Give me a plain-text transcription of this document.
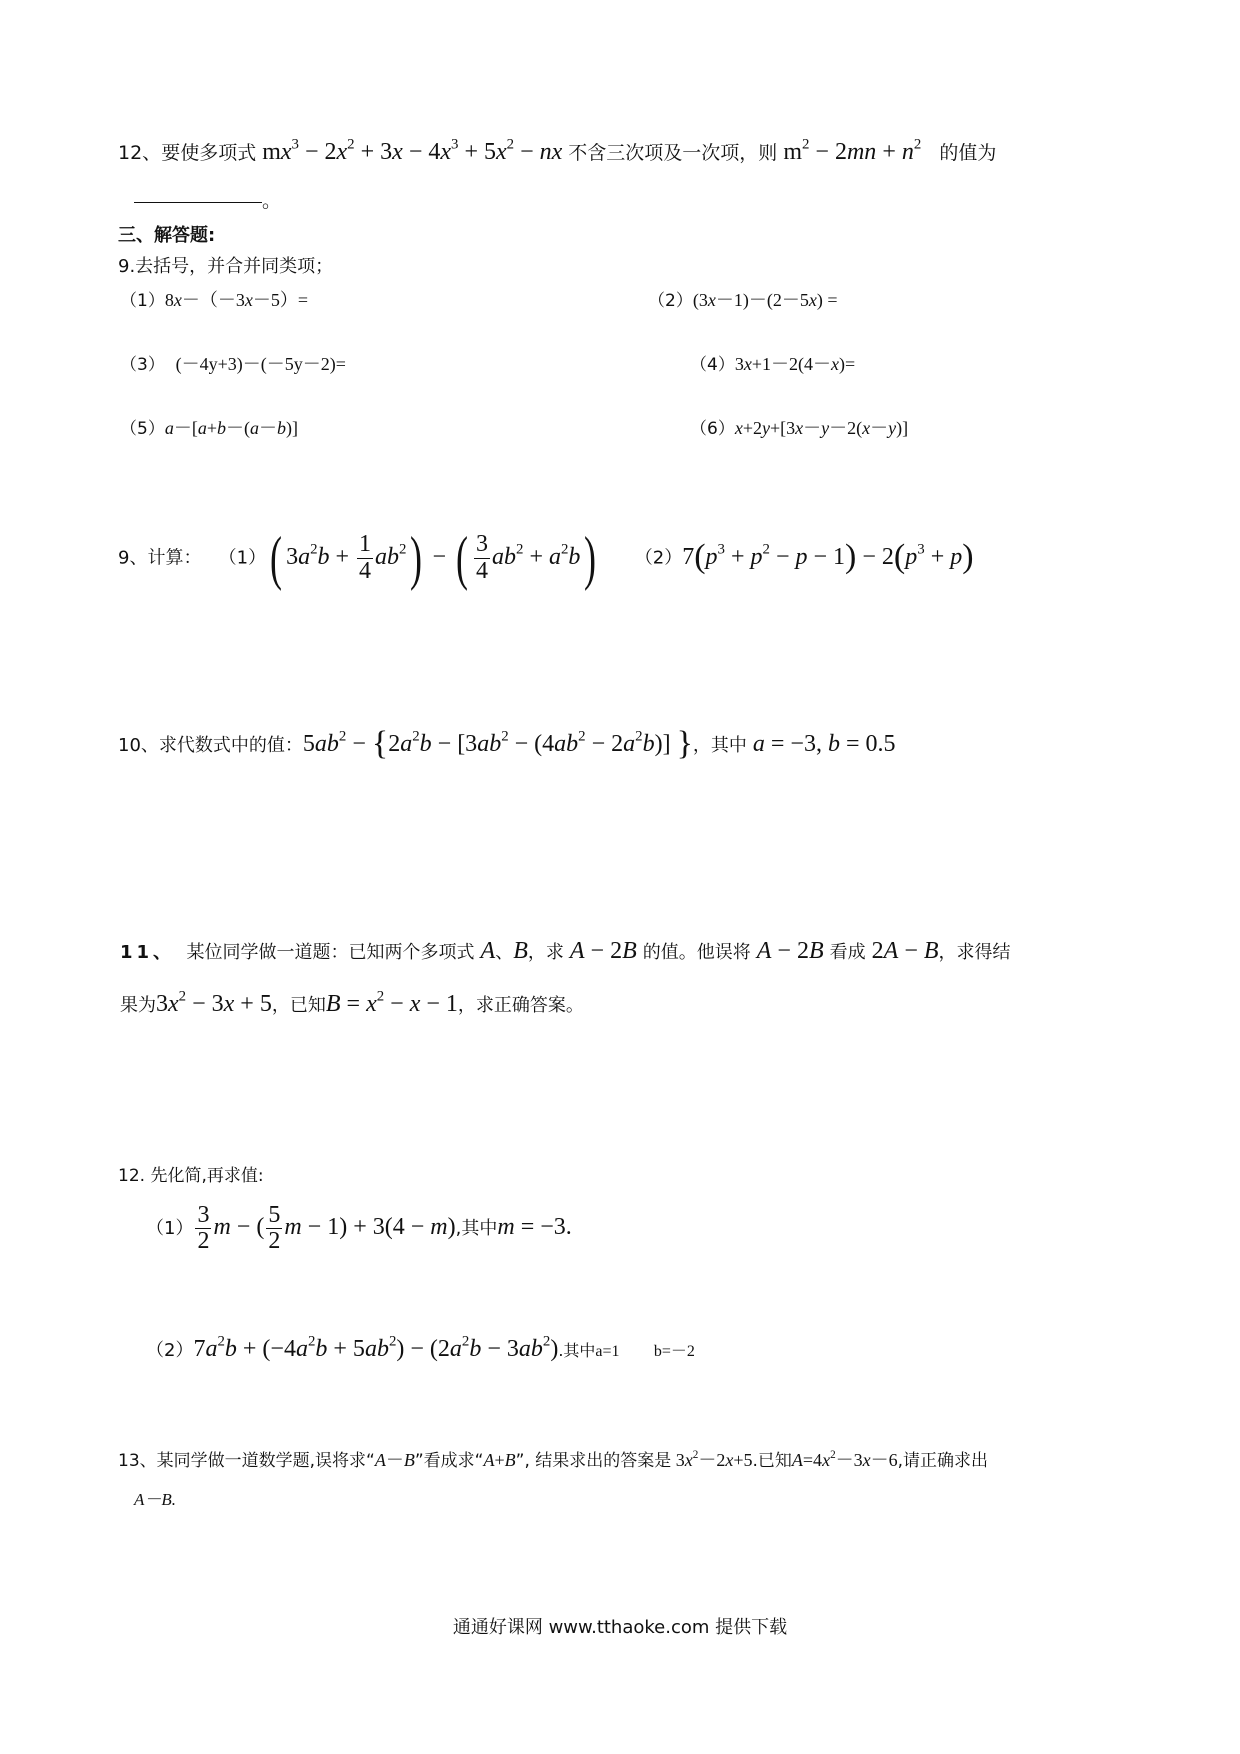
12、要使多项式 $mx^3 - 2x^2 + 3x - 4x^3 + 5x^2$ − nx 不含三次项及一次项，则 $m^2 - 2mn + n^2$ 的值为
。
三、解答题:
9.去括号，并合并同类项；
（1）8x－（－3x－5）=	（2）(3x－1)－(2－5x) =
（3） (－4y+3)－(－5y－2)=	（4）3x+1－2(4－x)=
（5）a－[a+b－(a－b)]	（6）x+2y+[3x－y－2(x－y)]
9、计算： （1）( $3a^2b + \frac{1}{4} ab^2$) − ( $\frac{3}{4} ab^2 + a^2b$) $(2)7(p^3 + p^2 - p - 1) - 2(p^3 + p)$
10、求代数式中的值：$5ab^2 - \{2a^2b - [3ab^2 - (4ab^2 - 2a^2b)]$ }，其中 a = −3, b = 0.5
11、 某位同学做一道题：已知两个多项式 A、B，求 A − 2B 的值。他误将 A − 2B 看成 2A − B，求得结
果为$3x^2 - 3x + 5$，已知$B = x^2 - x - 1$，求正确答案。
12. 先化简,再求值:
$(1) \frac{3}{2}$ m − ( $\frac{5}{2}$ m − 1) + 3(4 − m),其中m = −3.
$(2)7a^2b + (-4a^2b + 5ab^2) - (2a^2b - 3ab^2)$.其中a=1 b=－2
13、某同学做一道数学题,误将求“A－B”看成求“A+B”, 结果求出的答案是 $3x^2-2x+5$.已知$A=4x^2-3x-6$,请正确求出
A－B.
通通好课网 www.tthaoke.com 提供下载
